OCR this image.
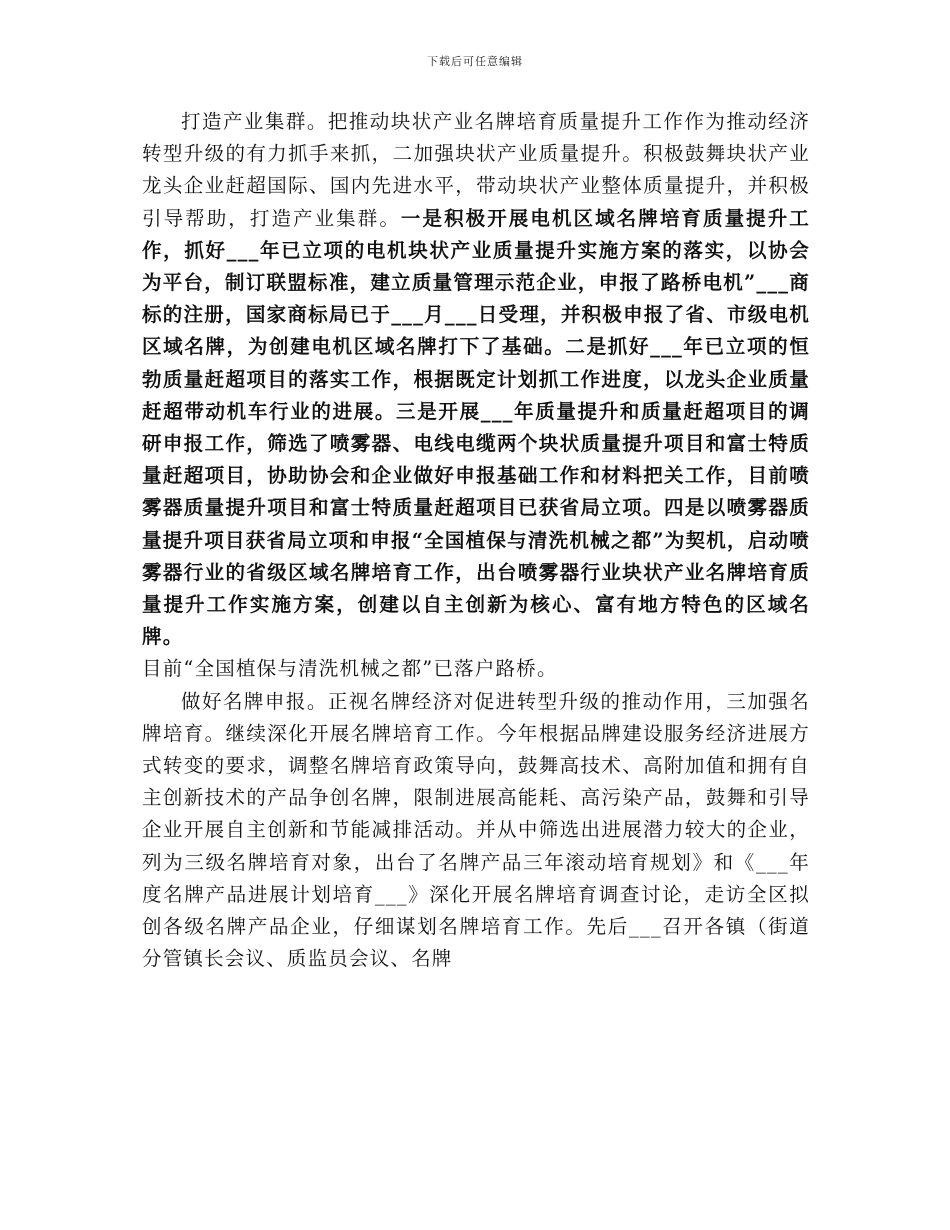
下载后可任意编辑

打造产业集群。把推动块状产业名牌培育质量提升工作作为推动经济转型升级的有力抓手来抓，二加强块状产业质量提升。积极鼓舞块状产业龙头企业赶超国际、国内先进水平，带动块状产业整体质量提升，并积极引导帮助，打造产业集群。一是积极开展电机区域名牌培育质量提升工作，抓好___年已立项的电机块状产业质量提升实施方案的落实，以协会为平台，制订联盟标准，建立质量管理示范企业，申报了路桥电机”___商标的注册，国家商标局已于___月___日受理，并积极申报了省、市级电机区域名牌，为创建电机区域名牌打下了基础。二是抓好___年已立项的恒勃质量赶超项目的落实工作，根据既定计划抓工作进度，以龙头企业质量赶超带动机车行业的进展。三是开展___年质量提升和质量赶超项目的调研申报工作，筛选了喷雾器、电线电缆两个块状质量提升项目和富士特质量赶超项目，协助协会和企业做好申报基础工作和材料把关工作，目前喷雾器质量提升项目和富士特质量赶超项目已获省局立项。四是以喷雾器质量提升项目获省局立项和申报“全国植保与清洗机械之都”为契机，启动喷雾器行业的省级区域名牌培育工作，出台喷雾器行业块状产业名牌培育质量提升工作实施方案，创建以自主创新为核心、富有地方特色的区域名牌。
目前“全国植保与清洗机械之都”已落户路桥。

做好名牌申报。正视名牌经济对促进转型升级的推动作用，三加强名牌培育。继续深化开展名牌培育工作。今年根据品牌建设服务经济进展方式转变的要求，调整名牌培育政策导向，鼓舞高技术、高附加值和拥有自主创新技术的产品争创名牌，限制进展高能耗、高污染产品，鼓舞和引导企业开展自主创新和节能减排活动。并从中筛选出进展潜力较大的企业，列为三级名牌培育对象，出台了名牌产品三年滚动培育规划》和《___年度名牌产品进展计划培育___》深化开展名牌培育调查讨论，走访全区拟创各级名牌产品企业，仔细谋划名牌培育工作。先后___召开各镇（街道分管镇长会议、质监员会议、名牌
